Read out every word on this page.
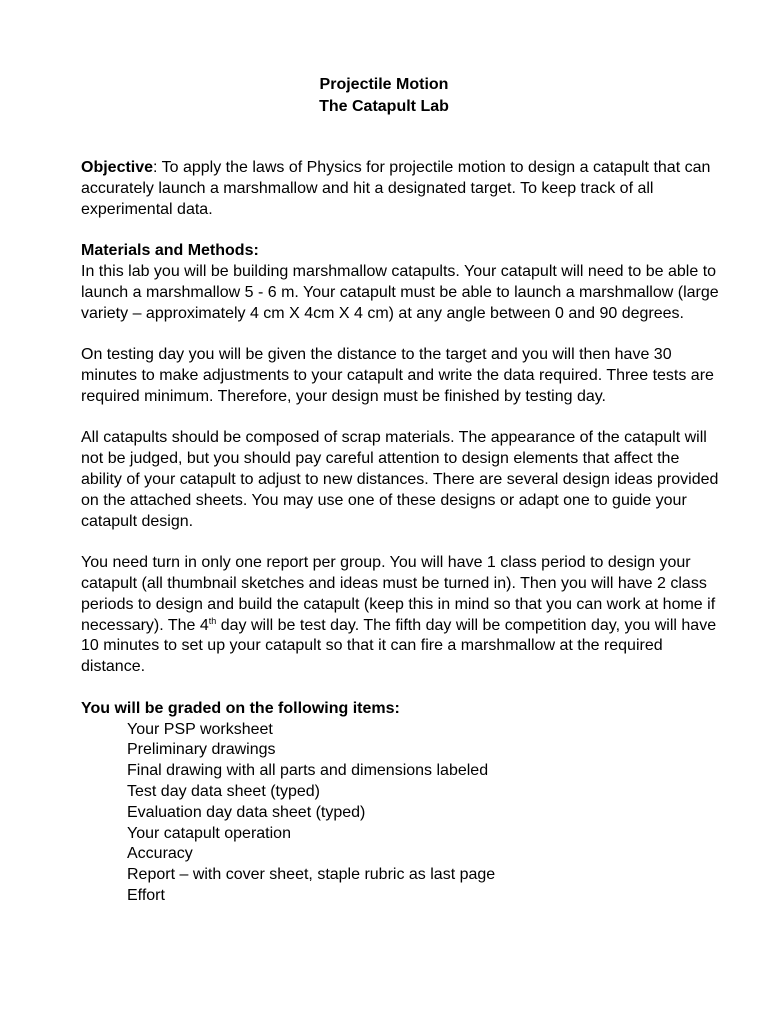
Projectile Motion
The Catapult Lab

Objective: To apply the laws of Physics for projectile motion to design a catapult that can accurately launch a marshmallow and hit a designated target. To keep track of all experimental data.

Materials and Methods:
In this lab you will be building marshmallow catapults. Your catapult will need to be able to launch a marshmallow 5 - 6 m. Your catapult must be able to launch a marshmallow (large variety – approximately 4 cm X 4cm X 4 cm) at any angle between 0 and 90 degrees.

On testing day you will be given the distance to the target and you will then have 30 minutes to make adjustments to your catapult and write the data required. Three tests are required minimum. Therefore, your design must be finished by testing day.

All catapults should be composed of scrap materials. The appearance of the catapult will not be judged, but you should pay careful attention to design elements that affect the ability of your catapult to adjust to new distances. There are several design ideas provided on the attached sheets. You may use one of these designs or adapt one to guide your catapult design.

You need turn in only one report per group. You will have 1 class period to design your catapult (all thumbnail sketches and ideas must be turned in). Then you will have 2 class periods to design and build the catapult (keep this in mind so that you can work at home if necessary). The 4th day will be test day. The fifth day will be competition day, you will have 10 minutes to set up your catapult so that it can fire a marshmallow at the required distance.

You will be graded on the following items:
Your PSP worksheet
Preliminary drawings
Final drawing with all parts and dimensions labeled
Test day data sheet (typed)
Evaluation day data sheet (typed)
Your catapult operation
Accuracy
Report – with cover sheet, staple rubric as last page
Effort
